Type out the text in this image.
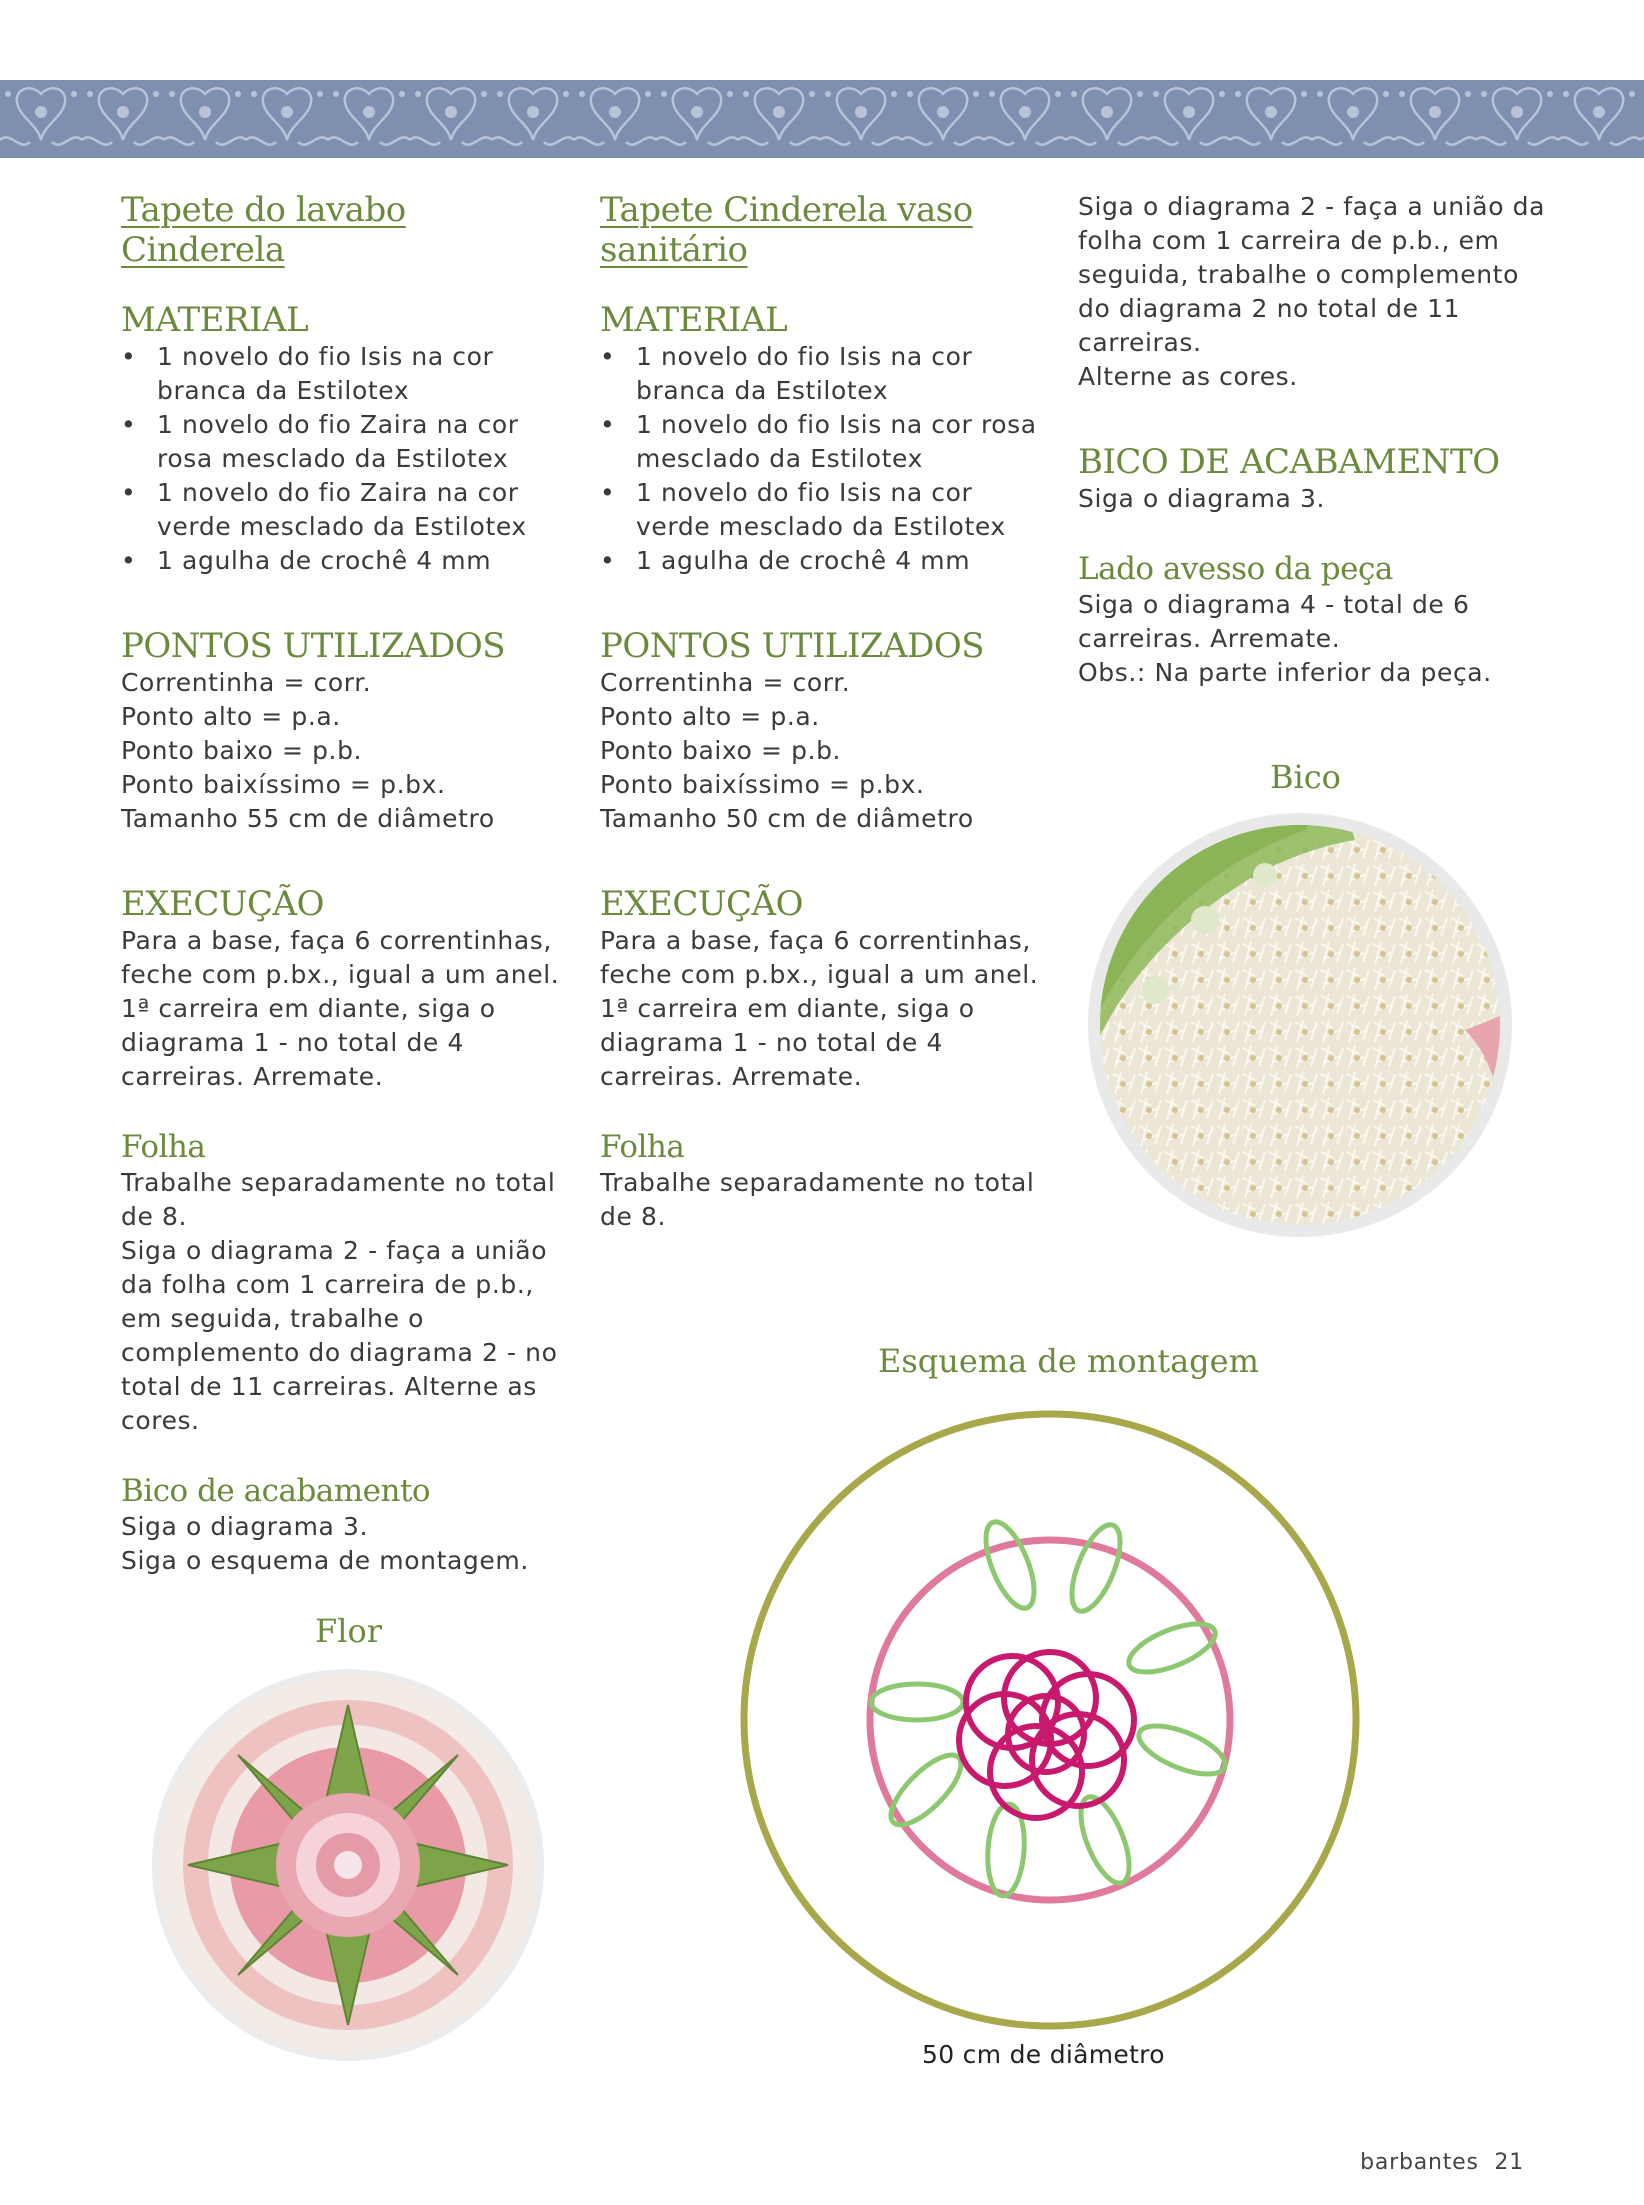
Tapete do lavabo Cinderela
MATERIAL
• 1 novelo do fio Isis na cor branca da Estilotex
• 1 novelo do fio Zaira na cor rosa mesclado da Estilotex
• 1 novelo do fio Zaira na cor verde mesclado da Estilotex
• 1 agulha de crochê 4 mm
PONTOS UTILIZADOS

Correntinha = corr.

Ponto alto = p.a.

Ponto baixo = p.b.

Ponto baixíssimo = p.bx.

Tamanho 55 cm de diâmetro

EXECUÇÃO

Para a base, faça 6 correntinhas, feche com p.bx., igual a um anel. 1ª carreira em diante, siga o diagrama 1 - no total de 4 carreiras. Arremate.

Folha

Trabalhe separadamente no total de 8.

Siga o diagrama 2 - faça a união da folha com 1 carreira de p.b., em seguida, trabalhe o complemento do diagrama 2 - no total de 11 carreiras. Alterne as cores.

Bico de acabamento

Siga o diagrama 3.

Siga o esquema de montagem.

Tapete Cinderela vaso sanitário
MATERIAL
• 1 novelo do fio Isis na cor branca da Estilotex
• 1 novelo do fio Isis na cor rosa mesclado da Estilotex
• 1 novelo do fio Isis na cor verde mesclado da Estilotex
• 1 agulha de crochê 4 mm
PONTOS UTILIZADOS

Correntinha = corr.

Ponto alto = p.a.

Ponto baixo = p.b.

Ponto baixíssimo = p.bx.

Tamanho 50 cm de diâmetro

EXECUÇÃO

Para a base, faça 6 correntinhas, feche com p.bx., igual a um anel. 1ª carreira em diante, siga o diagrama 1 - no total de 4 carreiras. Arremate.

Folha

Trabalhe separadamente no total de 8.

Siga o diagrama 2 - faça a união da folha com 1 carreira de p.b., em seguida, trabalhe o complemento do diagrama 2 no total de 11 carreiras.

Alterne as cores.

BICO DE ACABAMENTO

Siga o diagrama 3.

Lado avesso da peça

Siga o diagrama 4 - total de 6 carreiras. Arremate.

Obs.: Na parte inferior da peça.

Bico
Flor
Esquema de montagem
50 cm de diâmetro
barbantes 21
